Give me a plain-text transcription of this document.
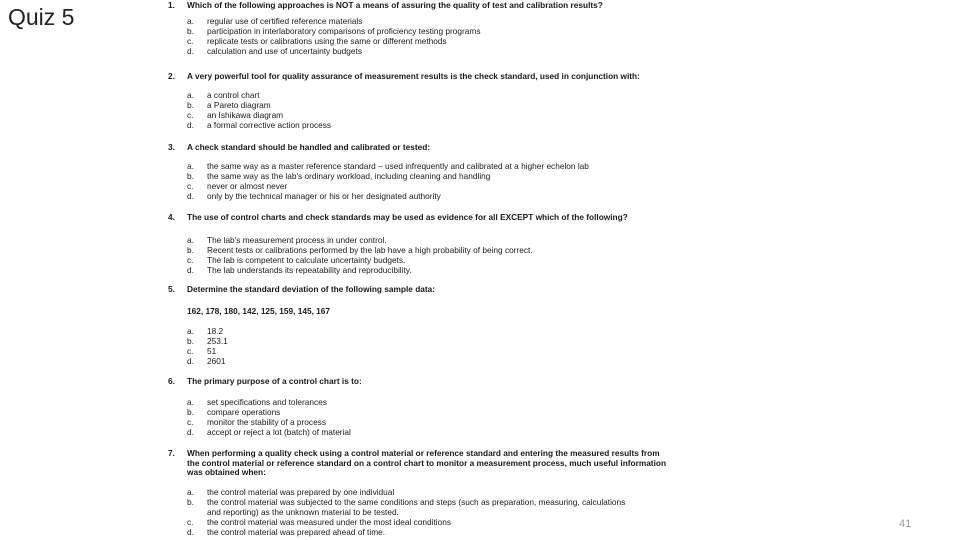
Quiz 5	1.	Which of the following approaches is NOT a means of assuring the quality of test and calibration results?
a.	regular use of certified reference materials
b.	participation in interlaboratory comparisons of proficiency testing programs
c.	replicate tests or calibrations using the same or different methods
d.	calculation and use of uncertainty budgets
2.	A very powerful tool for quality assurance of measurement results is the check standard, used in conjunction with:
a.	a control chart
b.	a Pareto diagram
c.	an Ishikawa diagram
d.	a formal corrective action process
3.	A check standard should be handled and calibrated or tested:
a.	the same way as a master reference standard – used infrequently and calibrated at a higher echelon lab
b.	the same way as the lab's ordinary workload, including cleaning and handling
c.	never or almost never
d.	only by the technical manager or his or her designated authority
4.	The use of control charts and check standards may be used as evidence for all EXCEPT which of the following?
a.	The lab's measurement process in under control.
b.	Recent tests or calibrations performed by the lab have a high probability of being correct.
c.	The lab is competent to calculate uncertainty budgets.
d.	The lab understands its repeatability and reproducibility.
5.	Determine the standard deviation of the following sample data:
162, 178, 180, 142, 125, 159, 145, 167
a.	18.2
b.	253.1
c.	51
d.	2601
6.	The primary purpose of a control chart is to:
a.	set specifications and tolerances
b.	compare operations
c.	monitor the stability of a process
d.	accept or reject a lot (batch) of material
7.	When performing a quality check using a control material or reference standard and entering the measured results from
the control material or reference standard on a control chart to monitor a measurement process, much useful information
was obtained when:
a.	the control material was prepared by one individual
b.	the control material was subjected to the same conditions and steps (such as preparation, measuring, calculations
and reporting) as the unknown material to be tested.
c.	the control material was measured under the most ideal conditions
d.	the control material was prepared ahead of time.
41
